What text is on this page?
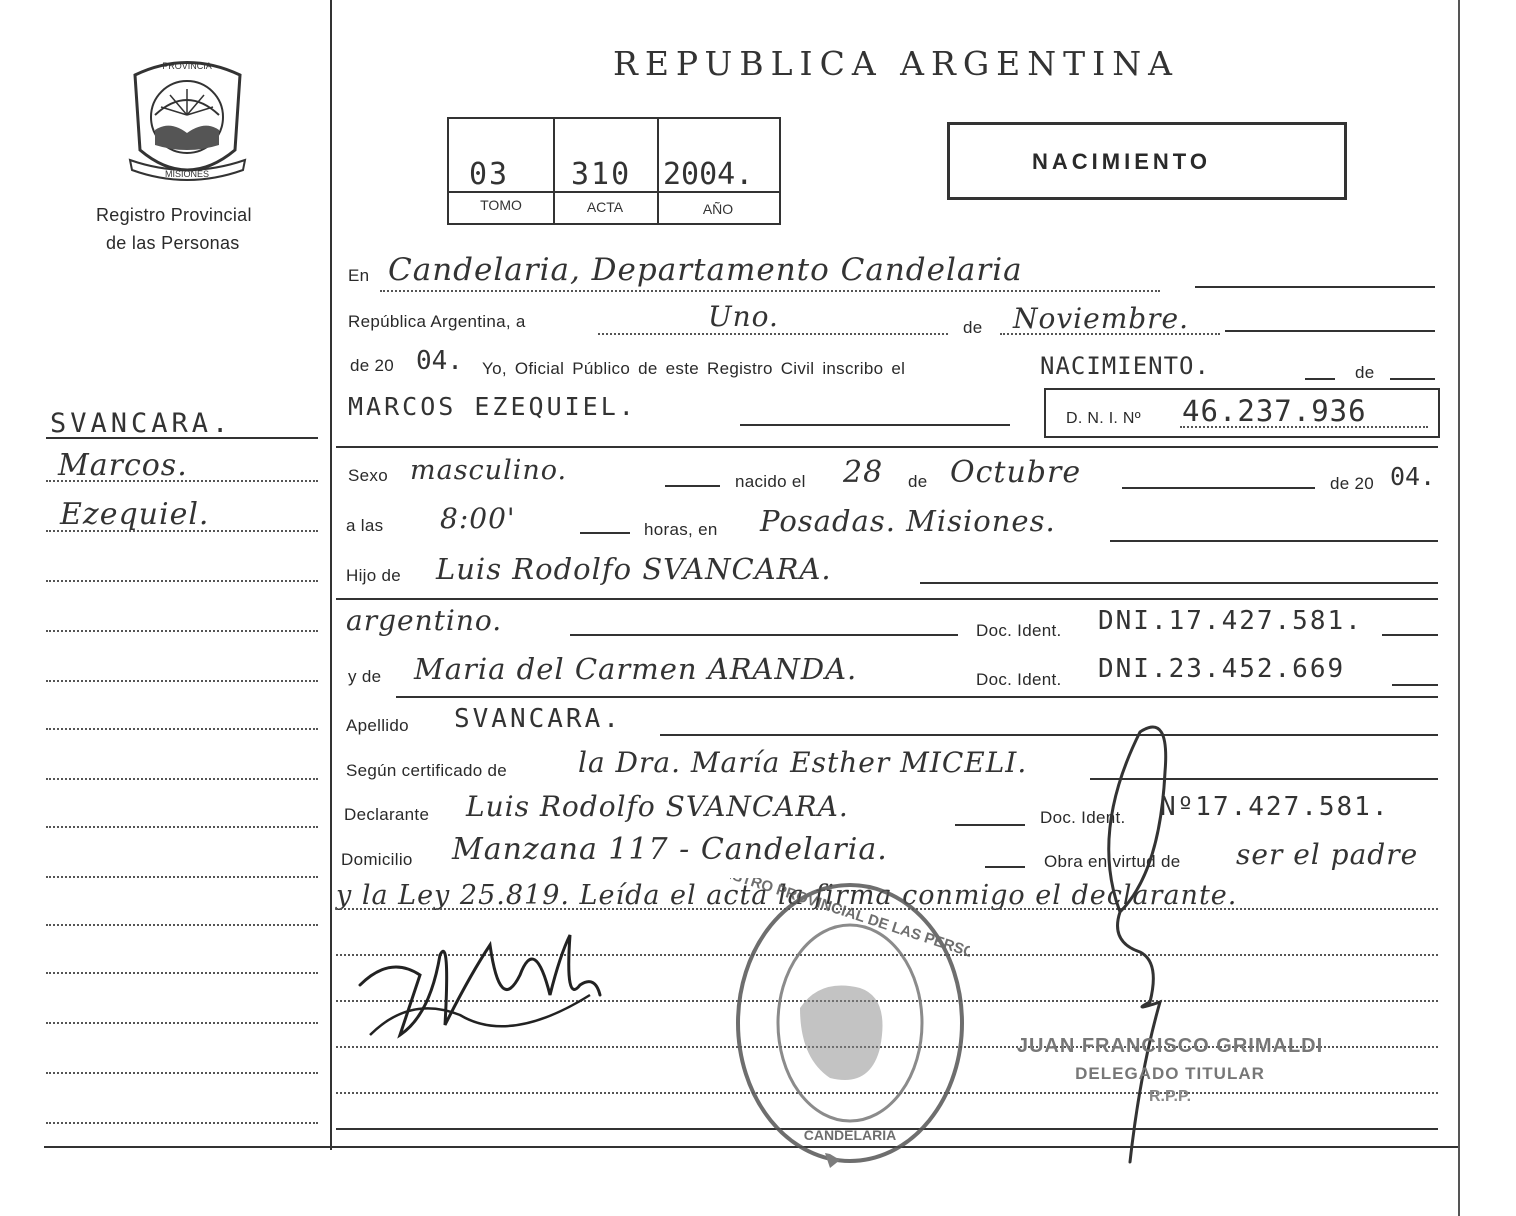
PROVINCIA
MISIONES
Registro Provincial
de las Personas
REPUBLICA ARGENTINA
03 310 2004.
TOMO	ACTA	AÑO
NACIMIENTO
SVANCARA.
Marcos.
Ezequiel.
En Candelaria, Departamento Candelaria
República Argentina, a	Uno.	de Noviembre.
de 20 04. Yo, Oficial Público de este Registro Civil inscribo el	NACIMIENTO.	de
MARCOS EZEQUIEL.	D. N. I. Nº 46.237.936
Sexo masculino.	nacido el 28 de Octubre	de 20 04.
a las 8:00'	horas, en Posadas. Misiones.
Hijo de Luis Rodolfo SVANCARA.
argentino.	Doc. Ident. DNI.17.427.581.
y de Maria del Carmen ARANDA.	Doc. Ident. DNI.23.452.669
Apellido SVANCARA.
Según certificado de	la Dra. María Esther MICELI.
Declarante Luis Rodolfo SVANCARA.	Doc. Ident. Nº17.427.581.
Domicilio Manzana 117 - Candelaria.	Obra en virtud de ser el padre
y la Ley 25.819. Leída el acta la firma conmigo el declarante.
PROVINCIAL DE LAS PERSONAS
CANDELARIA
JUAN FRANCISCO GRIMALDI
DELEGADO TITULAR
R.P.P.
